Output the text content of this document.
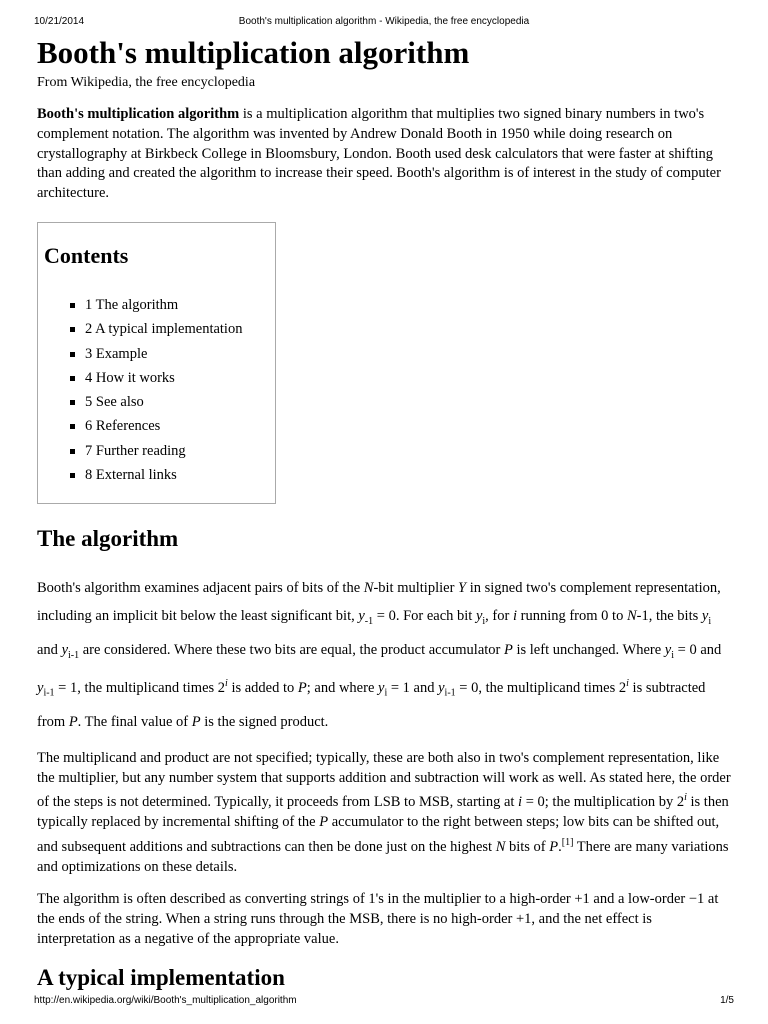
10/21/2014	Booth's multiplication algorithm - Wikipedia, the free encyclopedia
Booth's multiplication algorithm
From Wikipedia, the free encyclopedia

Booth's multiplication algorithm is a multiplication algorithm that multiplies two signed binary numbers in two's complement notation. The algorithm was invented by Andrew Donald Booth in 1950 while doing research on crystallography at Birkbeck College in Bloomsbury, London. Booth used desk calculators that were faster at shifting than adding and created the algorithm to increase their speed. Booth's algorithm is of interest in the study of computer architecture.

Contents
1 The algorithm
2 A typical implementation
3 Example
4 How it works
5 See also
6 References
7 Further reading
8 External links
The algorithm

Booth's algorithm examines adjacent pairs of bits of the N-bit multiplier Y in signed two's complement representation, including an implicit bit below the least significant bit, $y_{-1} = 0$. For each bit $y_i$, for i running from 0 to N-1, the bits $y_i$ and $y_{i-1}$ are considered. Where these two bits are equal, the product accumulator P is left unchanged. Where $y_i = 0$ and $y_{i-1} = 1$, the multiplicand times 2$^i$ is added to P; and where $y_i = 1$ and $y_{i-1} = 0$, the multiplicand times 2$^i$ is subtracted from P. The final value of P is the signed product.

The multiplicand and product are not specified; typically, these are both also in two's complement representation, like the multiplier, but any number system that supports addition and subtraction will work as well. As stated here, the order of the steps is not determined. Typically, it proceeds from LSB to MSB, starting at i = 0; the multiplication by 2$^i$ is then typically replaced by incremental shifting of the P accumulator to the right between steps; low bits can be shifted out, and subsequent additions and subtractions can then be done just on the highest N bits of P.[1] There are many variations and optimizations on these details.

The algorithm is often described as converting strings of 1's in the multiplier to a high-order +1 and a low-order −1 at the ends of the string. When a string runs through the MSB, there is no high-order +1, and the net effect is interpretation as a negative of the appropriate value.

A typical implementation
http://en.wikipedia.org/wiki/Booth's_multiplication_algorithm	1/5
